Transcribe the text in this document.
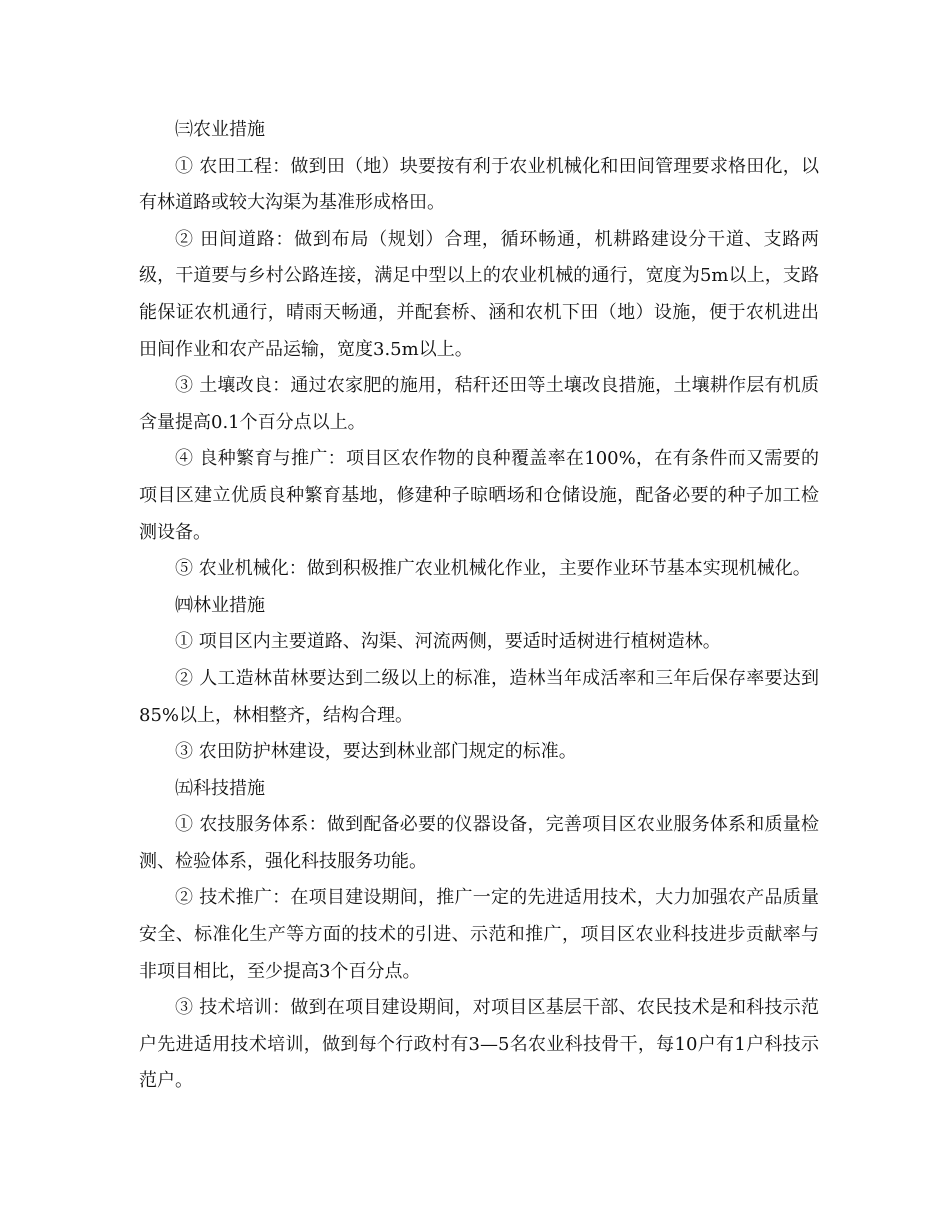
㈢农业措施

① 农田工程：做到田（地）块要按有利于农业机械化和田间管理要求格田化，以有林道路或较大沟渠为基准形成格田。

② 田间道路：做到布局（规划）合理，循环畅通，机耕路建设分干道、支路两级，干道要与乡村公路连接，满足中型以上的农业机械的通行，宽度为5m以上，支路能保证农机通行，晴雨天畅通，并配套桥、涵和农机下田（地）设施，便于农机进出田间作业和农产品运输，宽度3.5m以上。

③ 土壤改良：通过农家肥的施用，秸秆还田等土壤改良措施，土壤耕作层有机质含量提高0.1个百分点以上。

④ 良种繁育与推广：项目区农作物的良种覆盖率在100%，在有条件而又需要的项目区建立优质良种繁育基地，修建种子晾晒场和仓储设施，配备必要的种子加工检测设备。

⑤ 农业机械化：做到积极推广农业机械化作业，主要作业环节基本实现机械化。

㈣林业措施

① 项目区内主要道路、沟渠、河流两侧，要适时适树进行植树造林。

② 人工造林苗林要达到二级以上的标准，造林当年成活率和三年后保存率要达到85%以上，林相整齐，结构合理。

③ 农田防护林建设，要达到林业部门规定的标准。

㈤科技措施

① 农技服务体系：做到配备必要的仪器设备，完善项目区农业服务体系和质量检测、检验体系，强化科技服务功能。

② 技术推广：在项目建设期间，推广一定的先进适用技术，大力加强农产品质量安全、标准化生产等方面的技术的引进、示范和推广，项目区农业科技进步贡献率与非项目相比，至少提高3个百分点。

③ 技术培训：做到在项目建设期间，对项目区基层干部、农民技术是和科技示范户先进适用技术培训，做到每个行政村有3—5名农业科技骨干，每10户有1户科技示范户。
